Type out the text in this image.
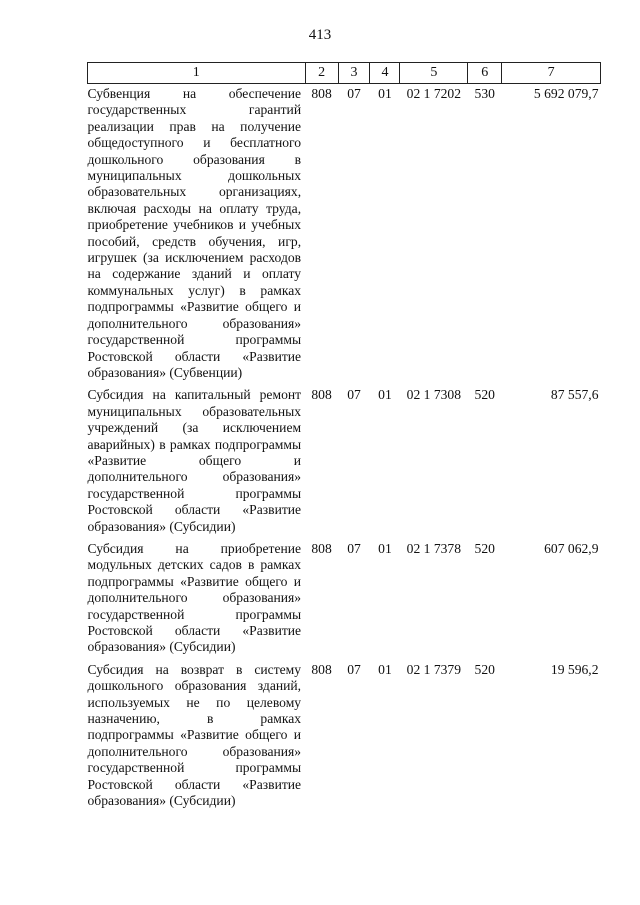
413
1	2	3	4	5	6	7
Субвенция на обеспечение государственных гарантий реализации прав на получение общедоступного и бесплатного дошкольного образования в муниципальных дошкольных образовательных организациях, включая расходы на оплату труда, приобретение учебников и учебных пособий, средств обучения, игр, игрушек (за исключением расходов на содержание зданий и оплату коммунальных услуг) в рамках подпрограммы «Развитие общего и дополнительного образования» государственной программы Ростовской области «Развитие образования» (Субвенции)	808	07	01	02 1 7202	530	5 692 079,7
Субсидия на капитальный ремонт муниципальных образовательных учреждений (за исключением аварийных) в рамках подпрограммы «Развитие общего и дополнительного образования» государственной программы Ростовской области «Развитие образования» (Субсидии)	808	07	01	02 1 7308	520	87 557,6
Субсидия на приобретение модульных детских садов в рамках подпрограммы «Развитие общего и дополнительного образования» государственной программы Ростовской области «Развитие образования» (Субсидии)	808	07	01	02 1 7378	520	607 062,9
Субсидия на возврат в систему дошкольного образования зданий, используемых не по целевому назначению, в рамках подпрограммы «Развитие общего и дополнительного образования» государственной программы Ростовской области «Развитие образования» (Субсидии)	808	07	01	02 1 7379	520	19 596,2
